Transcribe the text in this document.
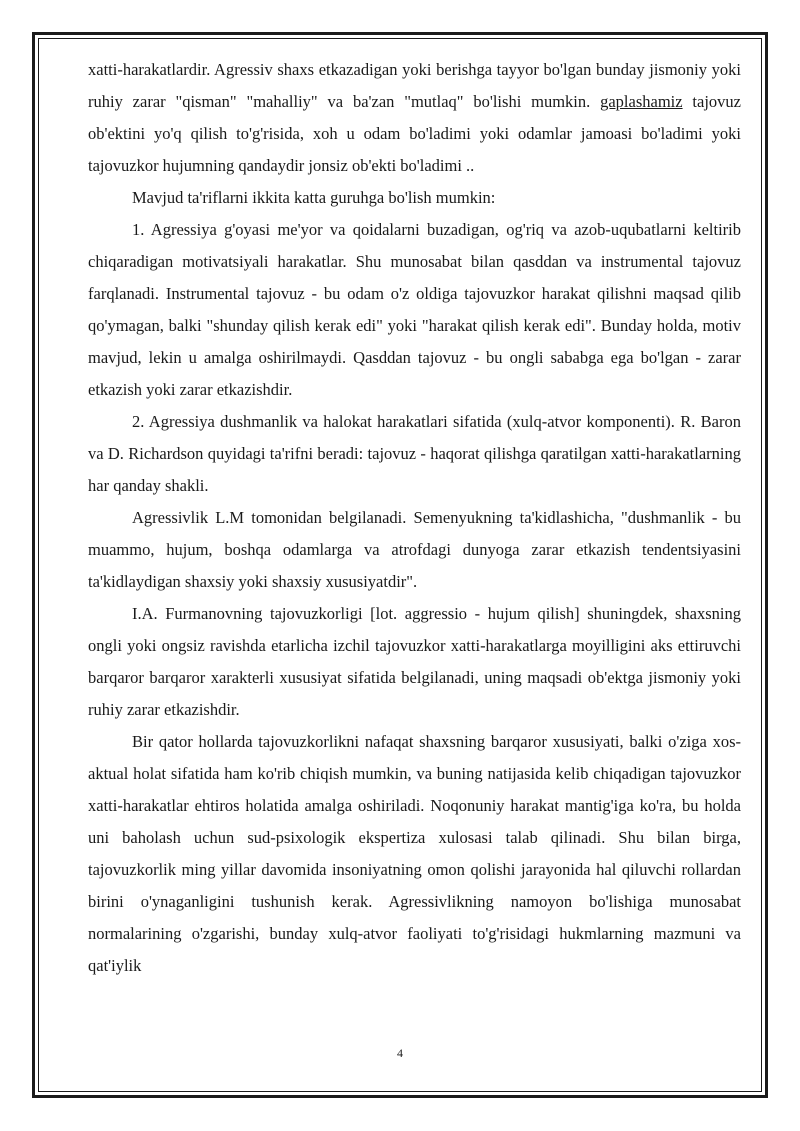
xatti-harakatlardir. Agressiv shaxs etkazadigan yoki berishga tayyor bo'lgan bunday jismoniy yoki ruhiy zarar "qisman" "mahalliy" va ba'zan "mutlaq" bo'lishi mumkin. gaplashamiz tajovuz ob'ektini yo'q qilish to'g'risida, xoh u odam bo'ladimi yoki odamlar jamoasi bo'ladimi yoki tajovuzkor hujumning qandaydir jonsiz ob'ekti bo'ladimi ..

Mavjud ta'riflarni ikkita katta guruhga bo'lish mumkin:

1. Agressiya g'oyasi me'yor va qoidalarni buzadigan, og'riq va azob-uqubatlarni keltirib chiqaradigan motivatsiyali harakatlar. Shu munosabat bilan qasddan va instrumental tajovuz farqlanadi. Instrumental tajovuz - bu odam o'z oldiga tajovuzkor harakat qilishni maqsad qilib qo'ymagan, balki "shunday qilish kerak edi" yoki "harakat qilish kerak edi". Bunday holda, motiv mavjud, lekin u amalga oshirilmaydi. Qasddan tajovuz - bu ongli sababga ega bo'lgan - zarar etkazish yoki zarar etkazishdir.

2. Agressiya dushmanlik va halokat harakatlari sifatida (xulq-atvor komponenti). R. Baron va D. Richardson quyidagi ta'rifni beradi: tajovuz - haqorat qilishga qaratilgan xatti-harakatlarning har qanday shakli.

Agressivlik L.M tomonidan belgilanadi. Semenyukning ta'kidlashicha, "dushmanlik - bu muammo, hujum, boshqa odamlarga va atrofdagi dunyoga zarar etkazish tendentsiyasini ta'kidlaydigan shaxsiy yoki shaxsiy xususiyatdir".

I.A. Furmanovning tajovuzkorligi [lot. aggressio - hujum qilish] shuningdek, shaxsning ongli yoki ongsiz ravishda etarlicha izchil tajovuzkor xatti-harakatlarga moyilligini aks ettiruvchi barqaror barqaror xarakterli xususiyat sifatida belgilanadi, uning maqsadi ob'ektga jismoniy yoki ruhiy zarar etkazishdir.

Bir qator hollarda tajovuzkorlikni nafaqat shaxsning barqaror xususiyati, balki o'ziga xos-aktual holat sifatida ham ko'rib chiqish mumkin, va buning natijasida kelib chiqadigan tajovuzkor xatti-harakatlar ehtiros holatida amalga oshiriladi. Noqonuniy harakat mantig'iga ko'ra, bu holda uni baholash uchun sud-psixologik ekspertiza xulosasi talab qilinadi. Shu bilan birga, tajovuzkorlik ming yillar davomida insoniyatning omon qolishi jarayonida hal qiluvchi rollardan birini o'ynaganligini tushunish kerak. Agressivlikning namoyon bo'lishiga munosabat normalarining o'zgarishi, bunday xulq-atvor faoliyati to'g'risidagi hukmlarning mazmuni va qat'iylik

4
